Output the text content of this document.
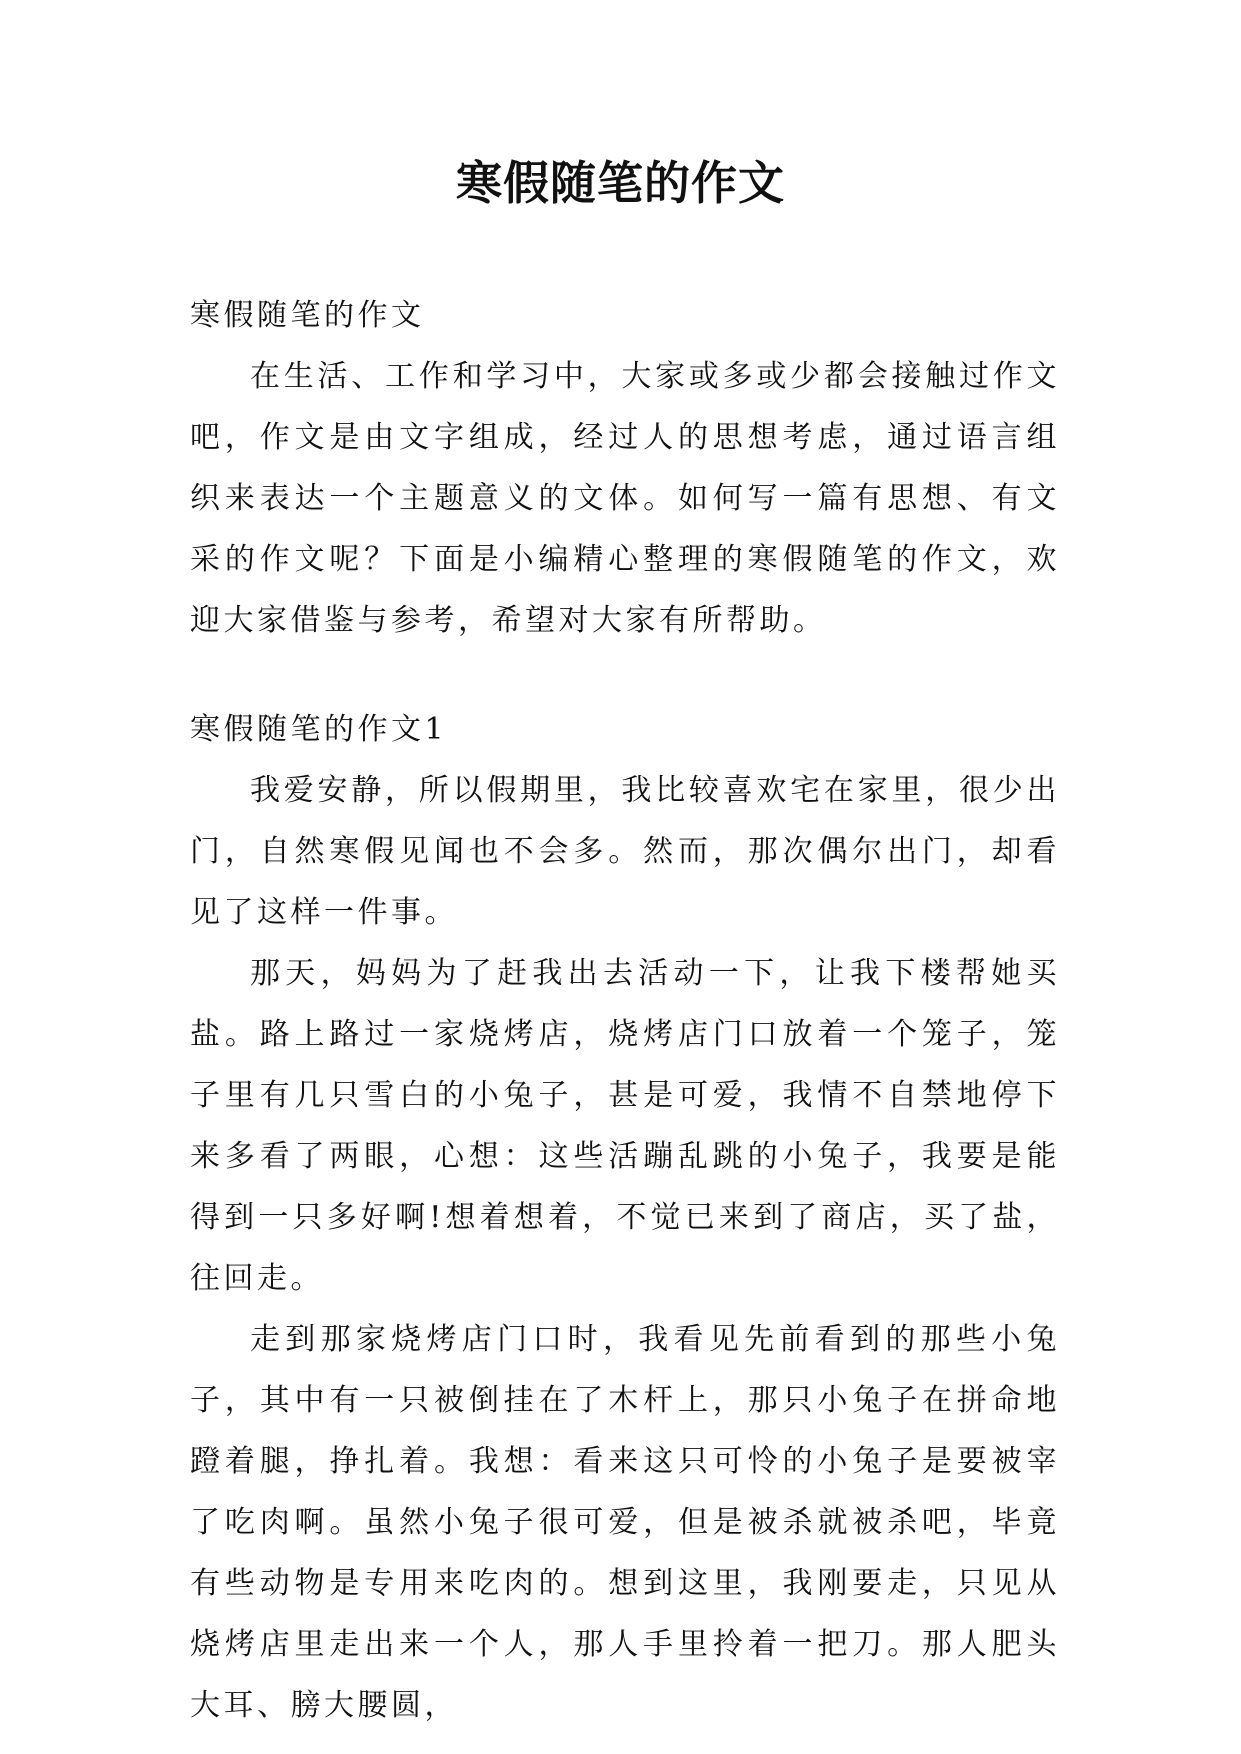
寒假随笔的作文

寒假随笔的作文

在生活、工作和学习中，大家或多或少都会接触过作文吧，作文是由文字组成，经过人的思想考虑，通过语言组织来表达一个主题意义的文体。如何写一篇有思想、有文采的作文呢？下面是小编精心整理的寒假随笔的作文，欢迎大家借鉴与参考，希望对大家有所帮助。

寒假随笔的作文1

我爱安静，所以假期里，我比较喜欢宅在家里，很少出门，自然寒假见闻也不会多。然而，那次偶尔出门，却看见了这样一件事。

那天，妈妈为了赶我出去活动一下，让我下楼帮她买盐。路上路过一家烧烤店，烧烤店门口放着一个笼子，笼子里有几只雪白的小兔子，甚是可爱，我情不自禁地停下来多看了两眼，心想：这些活蹦乱跳的小兔子，我要是能得到一只多好啊!想着想着，不觉已来到了商店，买了盐，往回走。

走到那家烧烤店门口时，我看见先前看到的那些小兔子，其中有一只被倒挂在了木杆上，那只小兔子在拼命地蹬着腿，挣扎着。我想：看来这只可怜的小兔子是要被宰了吃肉啊。虽然小兔子很可爱，但是被杀就被杀吧，毕竟有些动物是专用来吃肉的。想到这里，我刚要走，只见从烧烤店里走出来一个人，那人手里拎着一把刀。那人肥头大耳、膀大腰圆，
